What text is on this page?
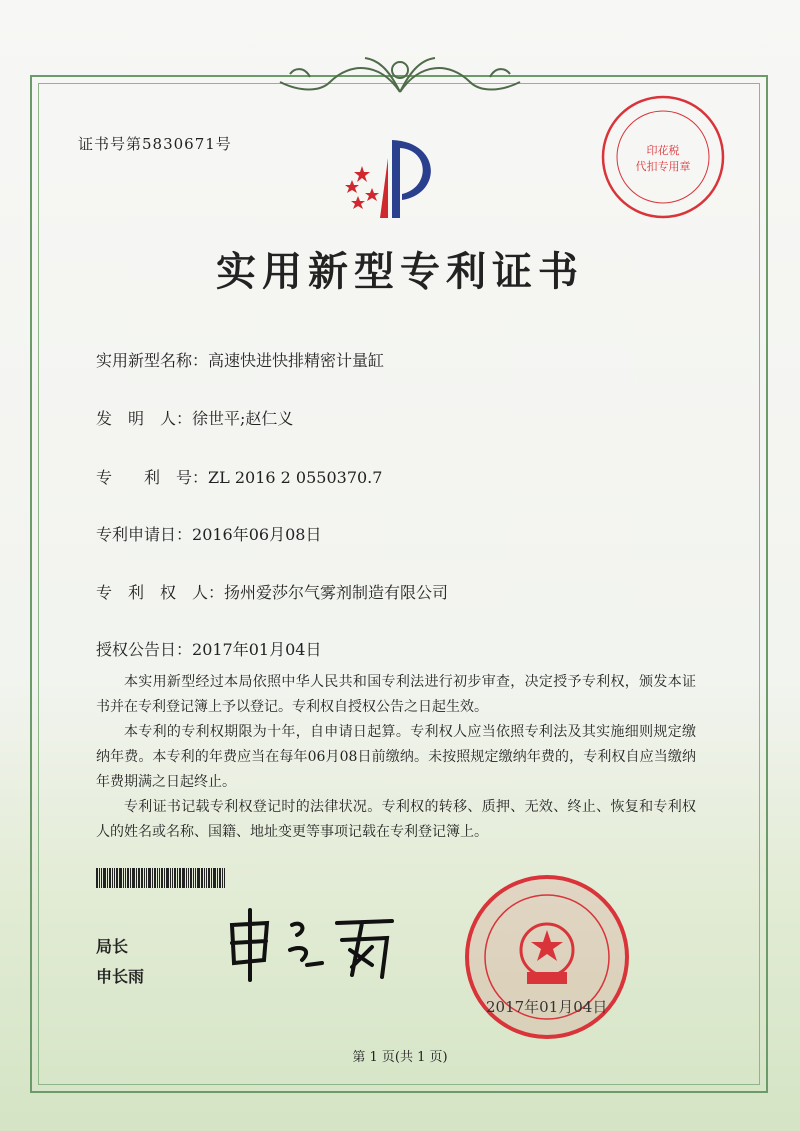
证书号第5830671号	印花税
代扣专用章
实用新型专利证书
实用新型名称：高速快进快排精密计量缸
发　明　人：徐世平;赵仁义
专　　利　号：ZL 2016 2 0550370.7
专利申请日：2016年06月08日
专　利　权　人：扬州爱莎尔气雾剂制造有限公司
授权公告日：2017年01月04日

本实用新型经过本局依照中华人民共和国专利法进行初步审查，决定授予专利权，颁发本证书并在专利登记簿上予以登记。专利权自授权公告之日起生效。

本专利的专利权期限为十年，自申请日起算。专利权人应当依照专利法及其实施细则规定缴纳年费。本专利的年费应当在每年06月08日前缴纳。未按照规定缴纳年费的，专利权自应当缴纳年费期满之日起终止。

专利证书记载专利权登记时的法律状况。专利权的转移、质押、无效、终止、恢复和专利权人的姓名或名称、国籍、地址变更等事项记载在专利登记簿上。

局长
申长雨
2017年01月04日
第 1 页(共 1 页)
